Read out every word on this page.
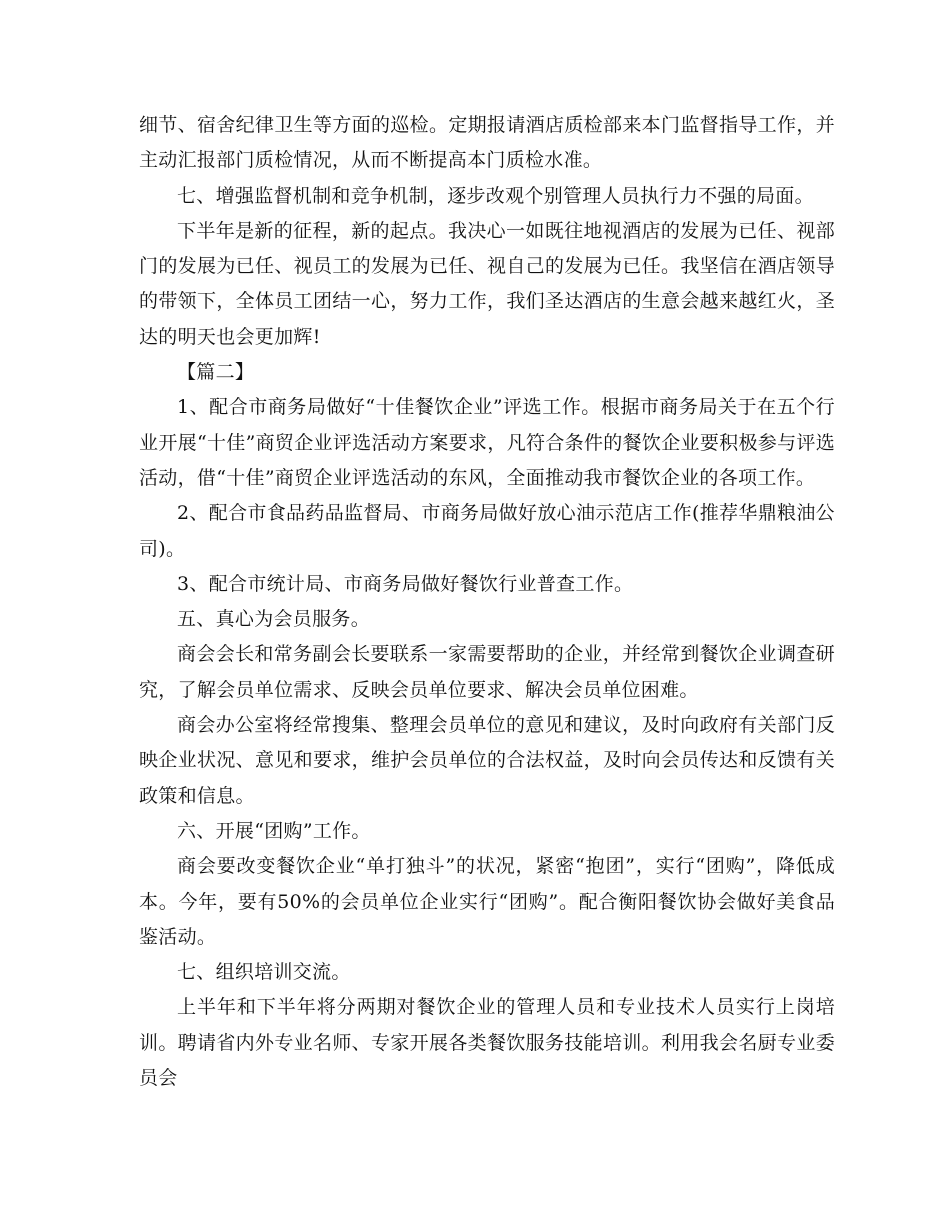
细节、宿舍纪律卫生等方面的巡检。定期报请酒店质检部来本门监督指导工作，并主动汇报部门质检情况，从而不断提高本门质检水准。

七、增强监督机制和竞争机制，逐步改观个别管理人员执行力不强的局面。

下半年是新的征程，新的起点。我决心一如既往地视酒店的发展为已任、视部门的发展为已任、视员工的发展为已任、视自己的发展为已任。我坚信在酒店领导的带领下，全体员工团结一心，努力工作，我们圣达酒店的生意会越来越红火，圣达的明天也会更加辉!

【篇二】

1、配合市商务局做好“十佳餐饮企业”评选工作。根据市商务局关于在五个行业开展“十佳”商贸企业评选活动方案要求，凡符合条件的餐饮企业要积极参与评选活动，借“十佳”商贸企业评选活动的东风，全面推动我市餐饮企业的各项工作。

2、配合市食品药品监督局、市商务局做好放心油示范店工作(推荐华鼎粮油公司)。

3、配合市统计局、市商务局做好餐饮行业普查工作。

五、真心为会员服务。

商会会长和常务副会长要联系一家需要帮助的企业，并经常到餐饮企业调查研究，了解会员单位需求、反映会员单位要求、解决会员单位困难。

商会办公室将经常搜集、整理会员单位的意见和建议，及时向政府有关部门反映企业状况、意见和要求，维护会员单位的合法权益，及时向会员传达和反馈有关政策和信息。

六、开展“团购”工作。

商会要改变餐饮企业“单打独斗”的状况，紧密“抱团”，实行“团购”，降低成本。今年，要有50%的会员单位企业实行“团购”。配合衡阳餐饮协会做好美食品鉴活动。

七、组织培训交流。

上半年和下半年将分两期对餐饮企业的管理人员和专业技术人员实行上岗培训。聘请省内外专业名师、专家开展各类餐饮服务技能培训。利用我会名厨专业委员会
